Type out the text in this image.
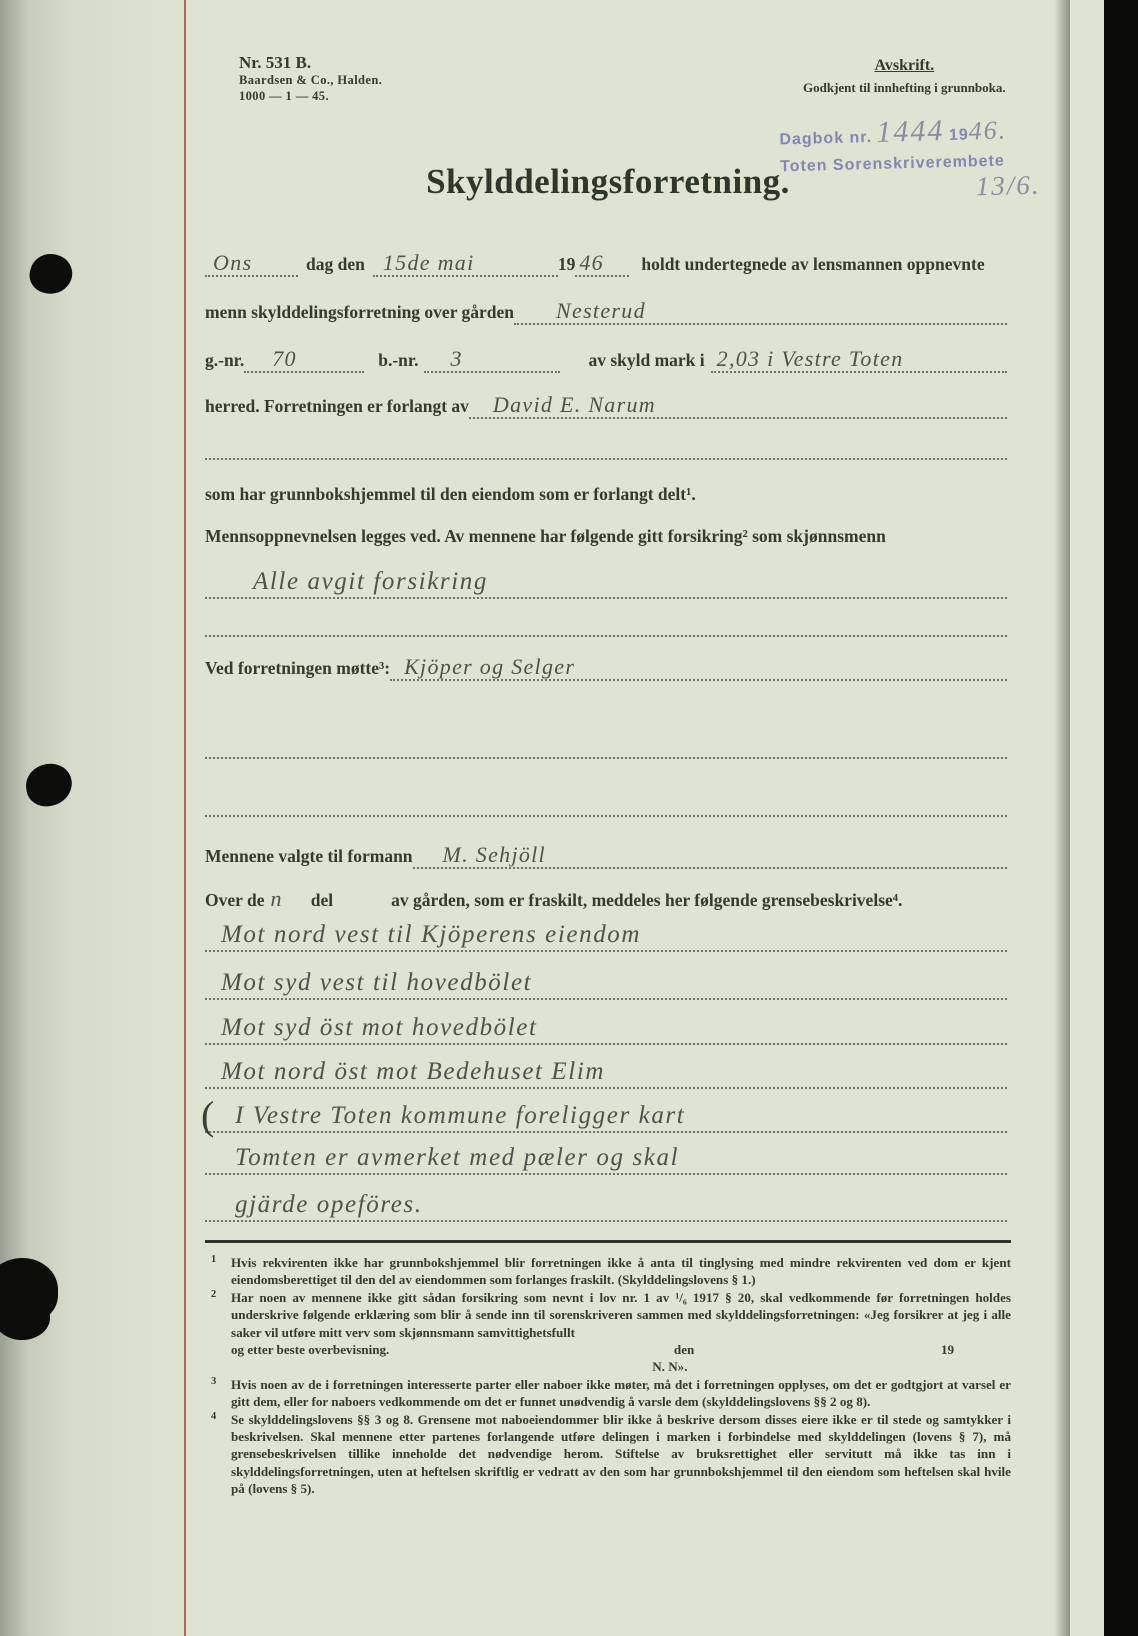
Nr. 531 B.
Baardsen & Co., Halden.
1000 — 1 — 45.
Avskrift.
Godkjent til innhefting i grunnboka.
Dagbok nr. 1444 1946.
Toten Sorenskriverembete
13/6.
Skylddelingsforretning.
Ons	dag den 15de mai	19 46	holdt undertegnede av lensmannen oppnevnte
menn skylddelingsforretning over gården	Nesterud
g.-nr.	70	b.-nr.	3	av skyld mark i 2,03 i Vestre Toten
herred. Forretningen er forlangt av	David E. Narum
som har grunnbokshjemmel til den eiendom som er forlangt delt¹.
Mennsoppnevnelsen legges ved. Av mennene har følgende gitt forsikring² som skjønnsmenn
Alle avgit forsikring
Ved forretningen møtte³: Kjöper og Selger
Mennene valgte til formann	M. Sehjöll
Over de n	del	av gården, som er fraskilt, meddeles her følgende grensebeskrivelse⁴.
Mot nord vest til Kjöperens eiendom
Mot syd vest til hovedbölet
Mot syd öst mot hovedbölet
Mot nord öst mot Bedehuset Elim
( I Vestre Toten kommune foreligger kart
Tomten er avmerket med pæler og skal
gjärde opeföres.
1 Hvis rekvirenten ikke har grunnbokshjemmel blir forretningen ikke å anta til tinglysing med mindre rekvirenten ved dom er kjent eiendomsberettiget til den del av eiendommen som forlanges fraskilt. (Skylddelingslovens § 1.)
2 Har noen av mennene ikke gitt sådan forsikring som nevnt i lov nr. 1 av ¹/₆ 1917 § 20, skal vedkommende før forretningen holdes underskrive følgende erklæring som blir å sende inn til sorenskriveren sammen med skylddelingsforretningen: «Jeg forsikrer at jeg i alle saker vil utføre mitt verv som skjønnsmann samvittighetsfullt
og etter beste overbevisning.	den	19
N. N».
3 Hvis noen av de i forretningen interesserte parter eller naboer ikke møter, må det i forretningen opplyses, om det er godtgjort at varsel er gitt dem, eller for naboers vedkommende om det er funnet unødvendig å varsle dem (skylddelingslovens §§ 2 og 8).
4 Se skylddelingslovens §§ 3 og 8. Grensene mot naboeiendommer blir ikke å beskrive dersom disses eiere ikke er til stede og samtykker i beskrivelsen. Skal mennene etter partenes forlangende utføre delingen i marken i forbindelse med skylddelingen (lovens § 7), må grensebeskrivelsen tillike inneholde det nødvendige herom. Stiftelse av bruksrettighet eller servitutt må ikke tas inn i skylddelingsforretningen, uten at heftelsen skriftlig er vedratt av den som har grunnbokshjemmel til den eiendom som heftelsen skal hvile på (lovens § 5).
